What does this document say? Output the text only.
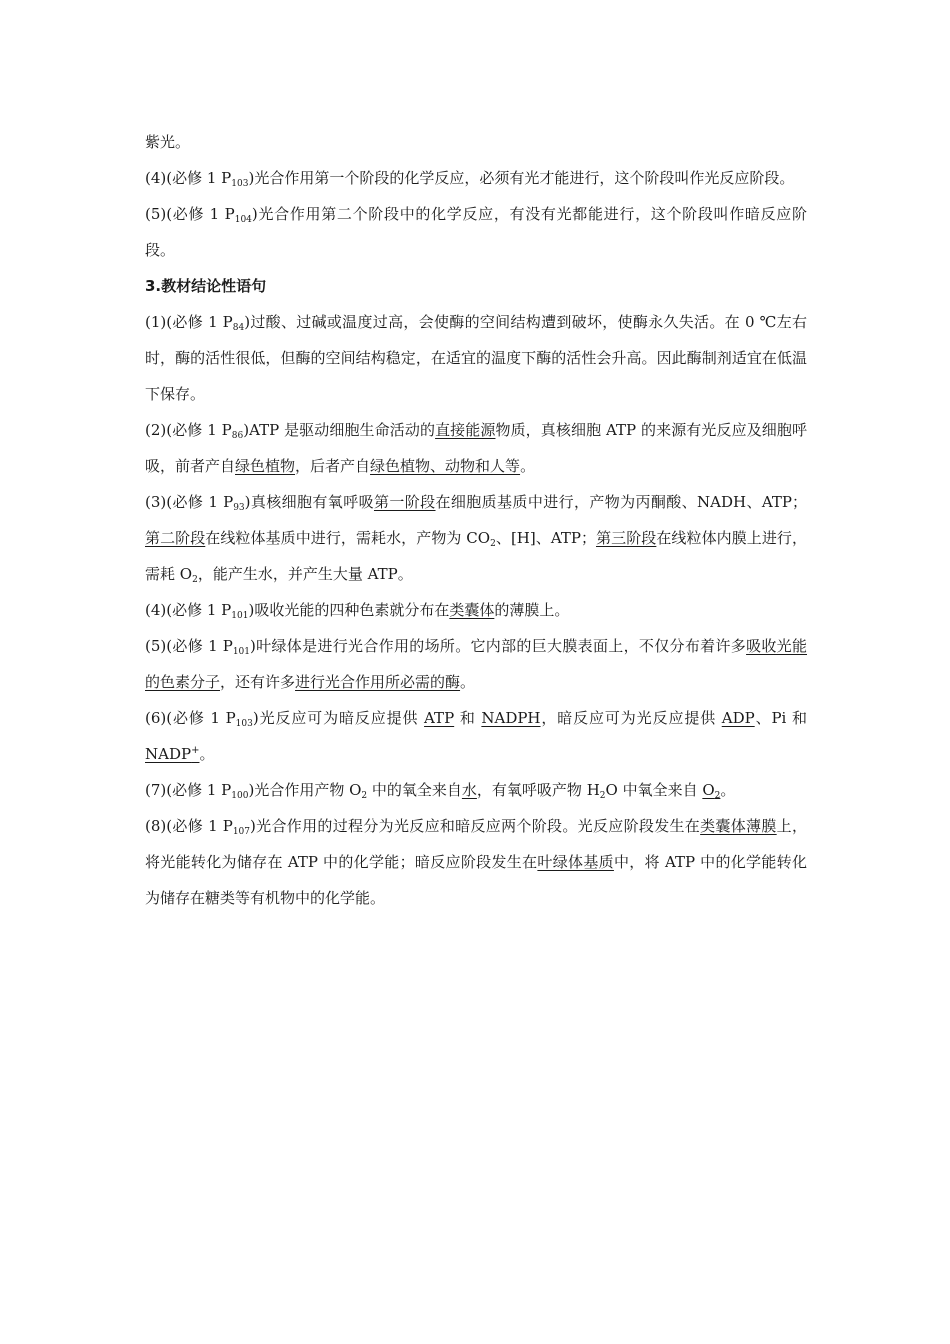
紫光。

(4)(必修 1 $P_{103}$)光合作用第一个阶段的化学反应，必须有光才能进行，这个阶段叫作光反应阶段。

(5)(必修 1 $P_{104}$)光合作用第二个阶段中的化学反应，有没有光都能进行，这个阶段叫作暗反应阶段。

3.教材结论性语句

(1)(必修 1 $P_{84}$)过酸、过碱或温度过高，会使酶的空间结构遭到破坏，使酶永久失活。在 0 ℃左右时，酶的活性很低，但酶的空间结构稳定，在适宜的温度下酶的活性会升高。因此酶制剂适宜在低温下保存。

(2)(必修 1 $P_{86})ATP$ 是驱动细胞生命活动的直接能源物质，真核细胞 ATP 的来源有光反应及细胞呼吸，前者产自绿色植物，后者产自绿色植物、动物和人等。

(3)(必修 1 $P_{93}$)真核细胞有氧呼吸第一阶段在细胞质基质中进行，产物为丙酮酸、NADH、ATP；第二阶段在线粒体基质中进行，需耗水，产物为 $CO_2$、[H]、ATP；第三阶段在线粒体内膜上进行，需耗 $O_2$，能产生水，并产生大量 ATP。

(4)(必修 1 $P_{101}$)吸收光能的四种色素就分布在类囊体的薄膜上。

(5)(必修 1 $P_{101}$)叶绿体是进行光合作用的场所。它内部的巨大膜表面上，不仅分布着许多吸收光能的色素分子，还有许多进行光合作用所必需的酶。

(6)(必修 1 $P_{103}$)光反应可为暗反应提供 ATP 和 NADPH，暗反应可为光反应提供 ADP、Pi 和 NADP+。

(7)(必修 1 $P_{100}$)光合作用产物 $O_2$ 中的氧全来自水，有氧呼吸产物 $H_2O$ 中氧全来自 $O_2$。

(8)(必修 1 $P_{107}$)光合作用的过程分为光反应和暗反应两个阶段。光反应阶段发生在类囊体薄膜上，将光能转化为储存在 ATP 中的化学能；暗反应阶段发生在叶绿体基质中，将 ATP 中的化学能转化为储存在糖类等有机物中的化学能。
